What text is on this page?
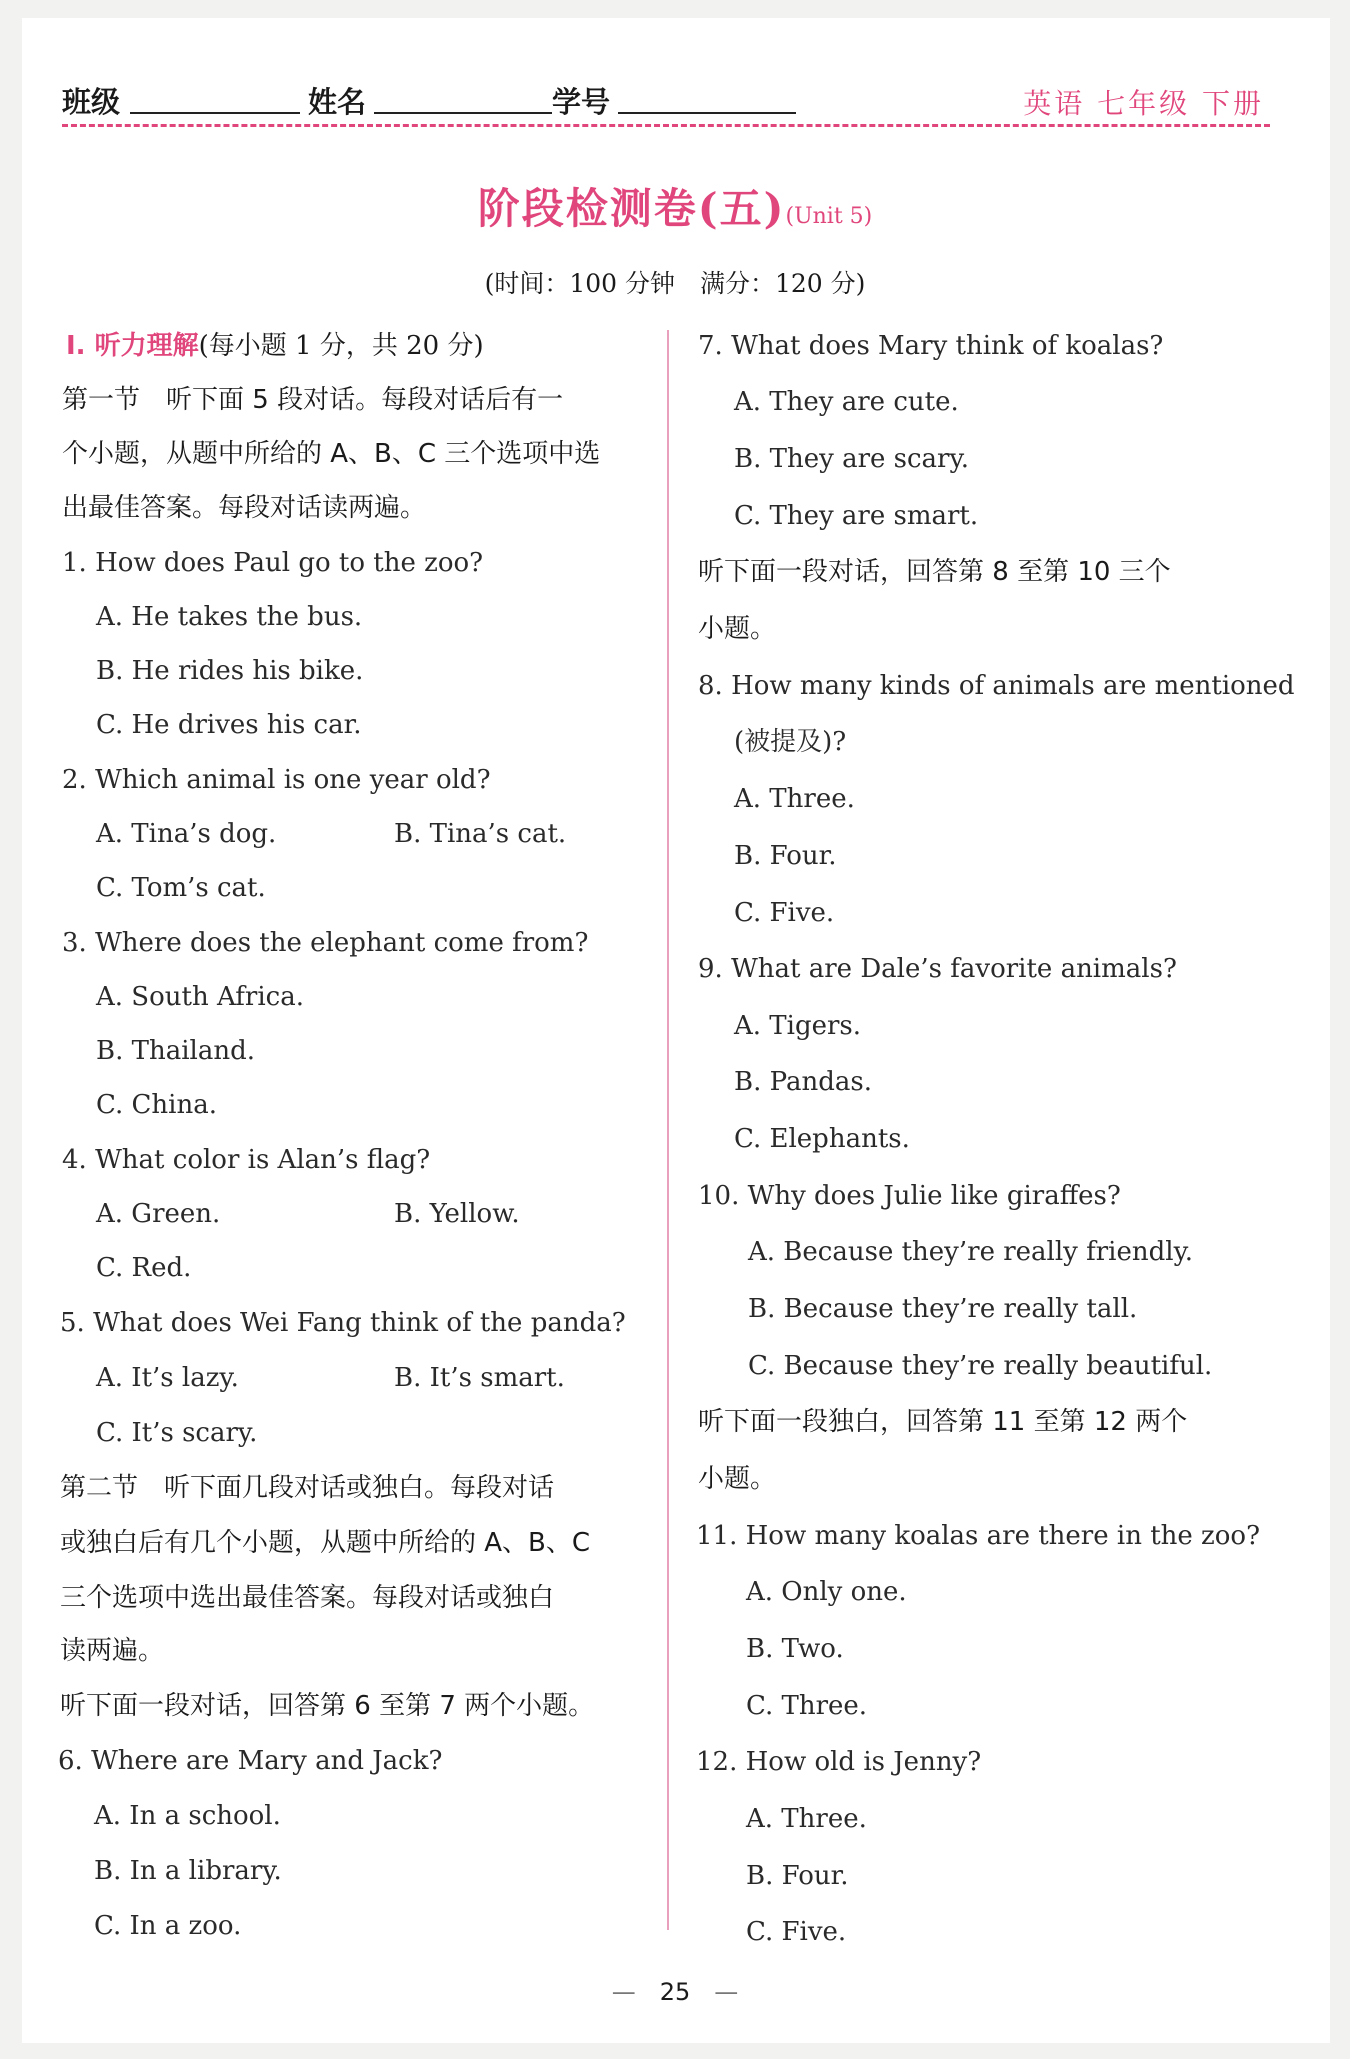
班级	姓名	学号	英语 七年级 下册
阶段检测卷(五)(Unit 5)
(时间：100 分钟　满分：120 分)
Ⅰ. 听力理解(每小题 1 分，共 20 分)
第一节　听下面 5 段对话。每段对话后有一
个小题，从题中所给的 A、B、C 三个选项中选
出最佳答案。每段对话读两遍。
1. How does Paul go to the zoo?
A. He takes the bus.
B. He rides his bike.
C. He drives his car.
2. Which animal is one year old?
A. Tina’s dog.	B. Tina’s cat.
C. Tom’s cat.
3. Where does the elephant come from?
A. South Africa.
B. Thailand.
C. China.
4. What color is Alan’s flag?
A. Green.	B. Yellow.
C. Red.
5. What does Wei Fang think of the panda?
A. It’s lazy.	B. It’s smart.
C. It’s scary.
第二节　听下面几段对话或独白。每段对话
或独白后有几个小题，从题中所给的 A、B、C
三个选项中选出最佳答案。每段对话或独白
读两遍。
听下面一段对话，回答第 6 至第 7 两个小题。
6. Where are Mary and Jack?
A. In a school.
B. In a library.
C. In a zoo.
7. What does Mary think of koalas?
A. They are cute.
B. They are scary.
C. They are smart.
听下面一段对话，回答第 8 至第 10 三个
小题。
8. How many kinds of animals are mentioned
(被提及)?
A. Three.
B. Four.
C. Five.
9. What are Dale’s favorite animals?
A. Tigers.
B. Pandas.
C. Elephants.
10. Why does Julie like giraffes?
A. Because they’re really friendly.
B. Because they’re really tall.
C. Because they’re really beautiful.
听下面一段独白，回答第 11 至第 12 两个
小题。
11. How many koalas are there in the zoo?
A. Only one.
B. Two.
C. Three.
12. How old is Jenny?
A. Three.
B. Four.
C. Five.
—　25　—
